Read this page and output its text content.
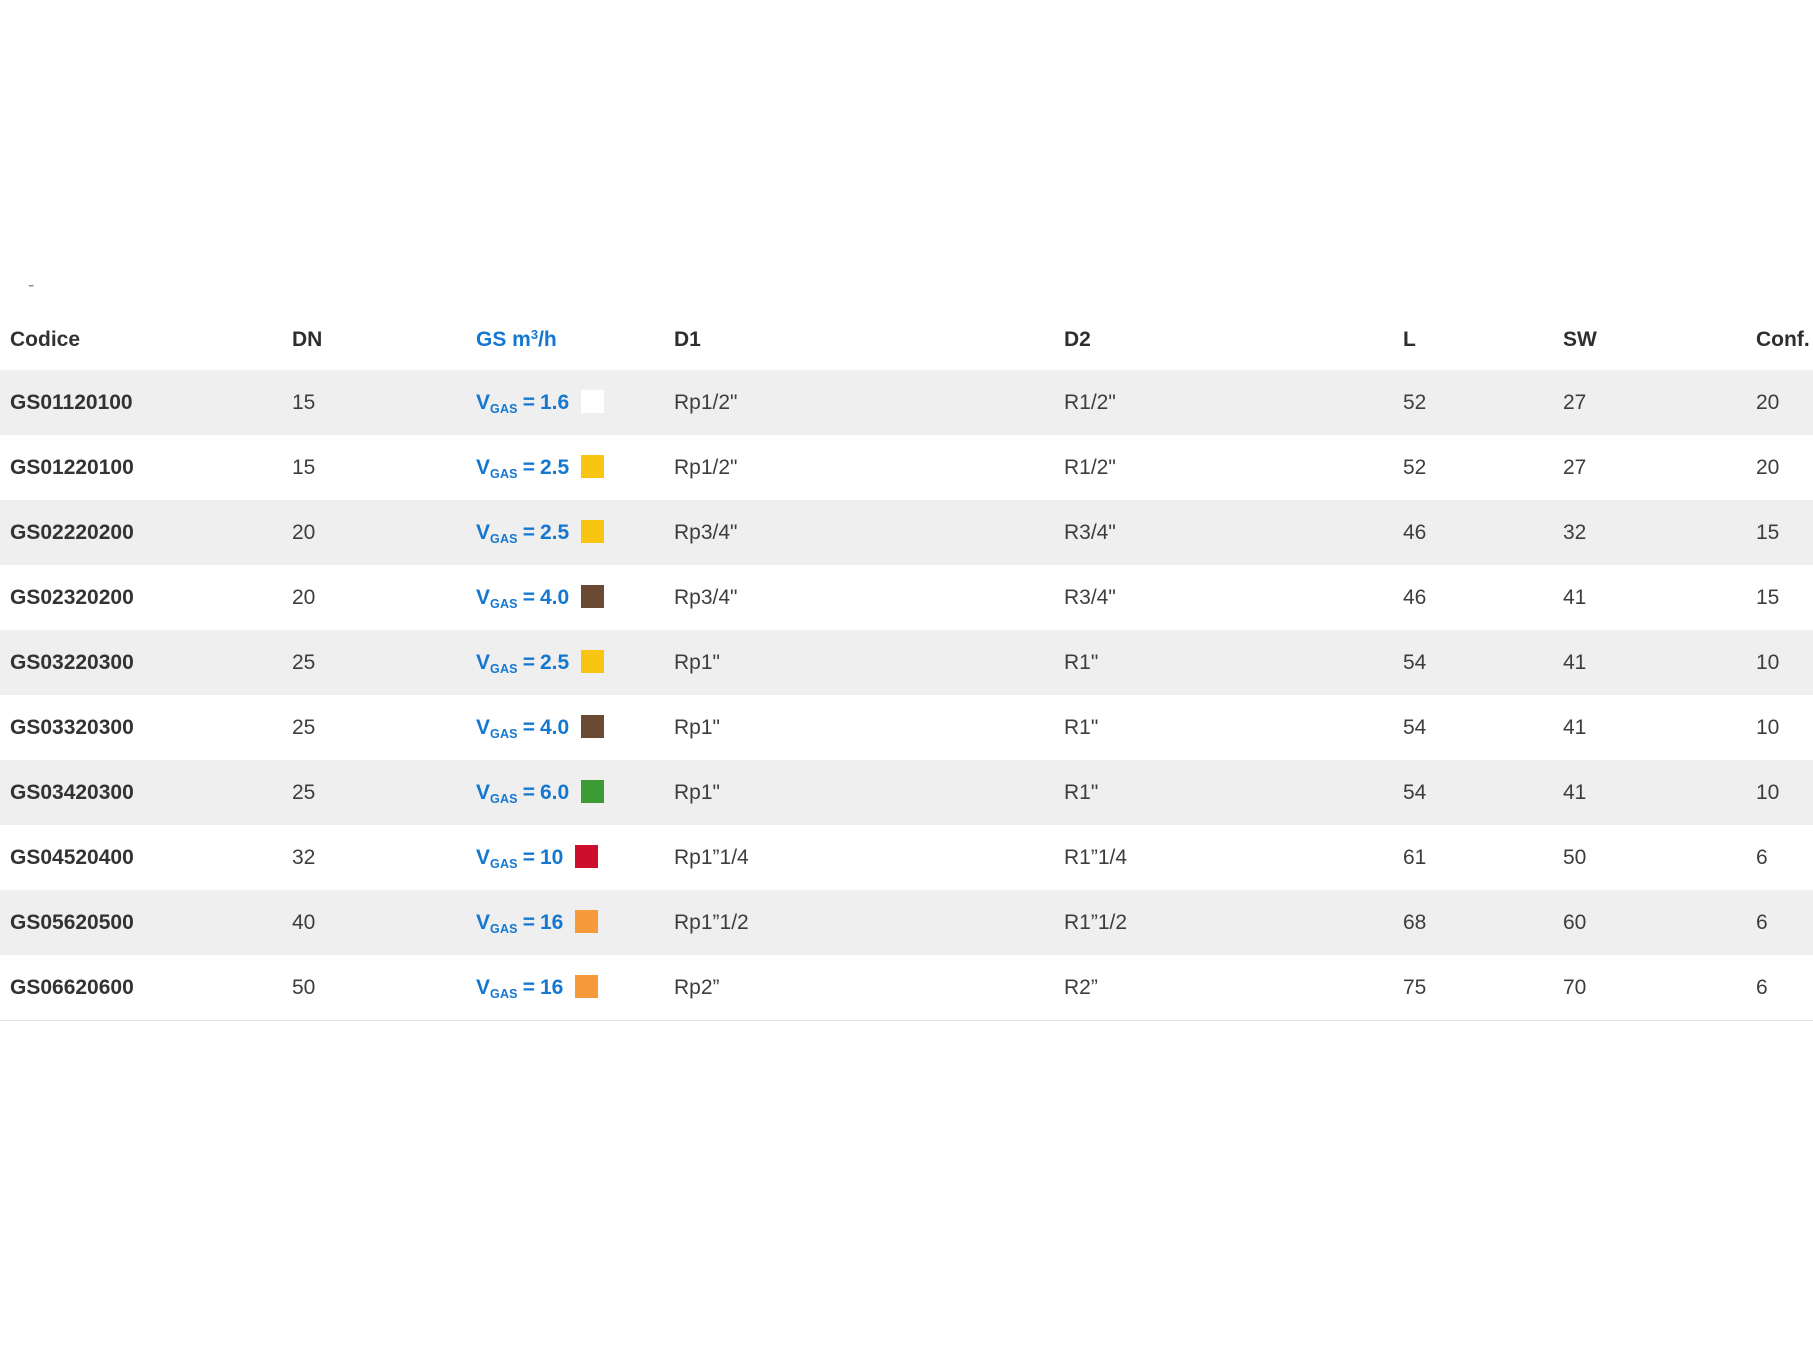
-
Codice	DN	GS $m^3/h$	D1	D2	L	SW	Conf.
GS01120100	15	$V_{GAS} = 1.6$	Rp1/2"	R1/2"	52	27	20
GS01220100	15	$V_{GAS} = 2.5$	Rp1/2"	R1/2"	52	27	20
GS02220200	20	$V_{GAS} = 2.5$	Rp3/4"	R3/4"	46	32	15
GS02320200	20	$V_{GAS} = 4.0$	Rp3/4"	R3/4"	46	41	15
GS03220300	25	$V_{GAS} = 2.5$	Rp1"	R1"	54	41	10
GS03320300	25	$V_{GAS} = 4.0$	Rp1"	R1"	54	41	10
GS03420300	25	$V_{GAS} = 6.0$	Rp1"	R1"	54	41	10
GS04520400	32	$V_{GAS} = 10$	Rp1”1/4	R1”1/4	61	50	6
GS05620500	40	$V_{GAS} = 16$	Rp1”1/2	R1”1/2	68	60	6
GS06620600	50	$V_{GAS} = 16$	Rp2”	R2”	75	70	6
